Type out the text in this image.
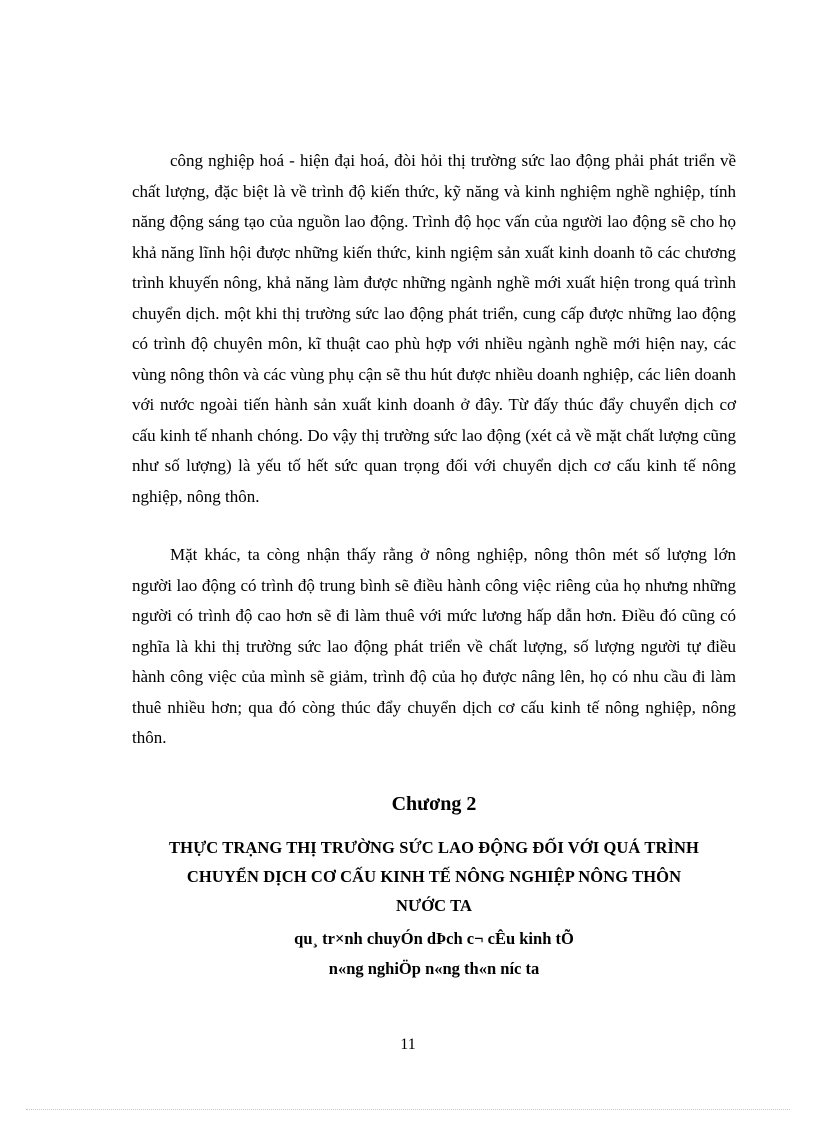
công nghiệp hoá - hiện đại hoá, đòi hỏi thị trường sức lao động phải phát triển về chất lượng, đặc biệt là về trình độ kiến thức, kỹ năng và kinh nghiệm nghề nghiệp, tính năng động sáng tạo của nguồn lao động. Trình độ học vấn của người lao động sẽ cho họ khả năng lĩnh hội được những kiến thức, kinh ngiệm sản xuất kinh doanh tõ các chương trình khuyến nông, khả năng làm được những ngành nghề mới xuất hiện trong quá trình chuyển dịch. một khi thị trường sức lao động phát triển, cung cấp được những lao động có trình độ chuyên môn, kĩ thuật cao phù hợp với nhiều ngành nghề mới hiện nay, các vùng nông thôn và các vùng phụ cận sẽ thu hút được nhiều doanh nghiệp, các liên doanh với nước ngoài tiến hành sản xuất kinh doanh ở đây. Từ đấy thúc đẩy chuyển dịch cơ cấu kinh tế nhanh chóng. Do vậy thị trường sức lao động (xét cả về mặt chất lượng cũng như số lượng) là yếu tố hết sức quan trọng đối với chuyển dịch cơ cấu kinh tế nông nghiệp, nông thôn.

Mặt khác, ta còng nhận thấy rằng ở nông nghiệp, nông thôn mét số lượng lớn người lao động có trình độ trung bình sẽ điều hành công việc riêng của họ nhưng những người có trình độ cao hơn sẽ đi làm thuê với mức lương hấp dẫn hơn. Điều đó cũng có nghĩa là khi thị trường sức lao động phát triển về chất lượng, số lượng người tự điều hành công việc của mình sẽ giảm, trình độ của họ được nâng lên, họ có nhu cầu đi làm thuê nhiều hơn; qua đó còng thúc đẩy chuyển dịch cơ cấu kinh tế nông nghiệp, nông thôn.

Chương 2
THỰC TRẠNG THỊ TRƯỜNG SỨC LAO ĐỘNG ĐỐI VỚI QUÁ TRÌNH
CHUYỂN DỊCH CƠ CẤU KINH TẾ NÔNG NGHIỆP NÔNG THÔN
NƯỚC TA
qu¸ tr×nh chuyÓn dÞch c¬ cÊu kinh tÕ
n«ng nghiÖp n«ng th«n níc ta
11
